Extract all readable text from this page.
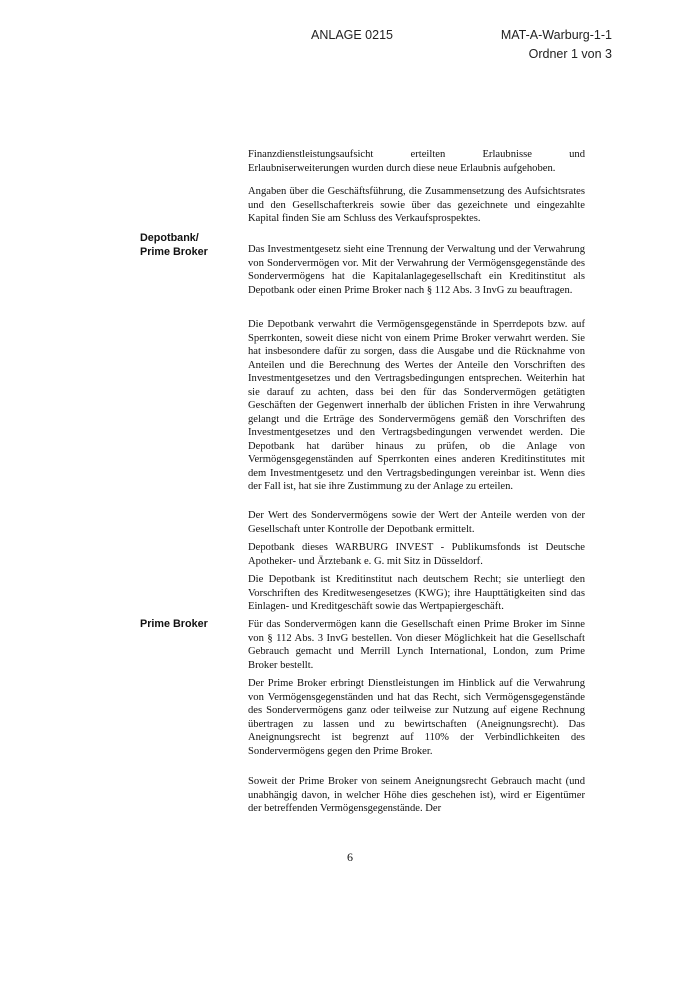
ANLAGE 0215	MAT-A-Warburg-1-1
Ordner 1 von 3
Depotbank/
Prime Broker
Prime Broker

Finanzdienstleistungsaufsicht erteilten Erlaubnisse und Erlaubniserweiterungen wurden durch diese neue Erlaubnis aufgehoben.

Angaben über die Geschäftsführung, die Zusammensetzung des Aufsichtsrates und den Gesellschafterkreis sowie über das gezeichnete und eingezahlte Kapital finden Sie am Schluss des Verkaufsprospektes.

Das Investmentgesetz sieht eine Trennung der Verwaltung und der Verwahrung von Sondervermögen vor. Mit der Verwahrung der Vermögensgegenstände des Sondervermögens hat die Kapitalanlagegesellschaft ein Kreditinstitut als Depotbank oder einen Prime Broker nach § 112 Abs. 3 InvG zu beauftragen.

Die Depotbank verwahrt die Vermögensgegenstände in Sperrdepots bzw. auf Sperrkonten, soweit diese nicht von einem Prime Broker verwahrt werden. Sie hat insbesondere dafür zu sorgen, dass die Ausgabe und die Rücknahme von Anteilen und die Berechnung des Wertes der Anteile den Vorschriften des Investmentgesetzes und den Vertragsbedingungen entsprechen. Weiterhin hat sie darauf zu achten, dass bei den für das Sondervermögen getätigten Geschäften der Gegenwert innerhalb der üblichen Fristen in ihre Verwahrung gelangt und die Erträge des Sondervermögens gemäß den Vorschriften des Investmentgesetzes und den Vertragsbedingungen verwendet werden. Die Depotbank hat darüber hinaus zu prüfen, ob die Anlage von Vermögensgegenständen auf Sperrkonten eines anderen Kreditinstitutes mit dem Investmentgesetz und den Vertragsbedingungen vereinbar ist. Wenn dies der Fall ist, hat sie ihre Zustimmung zu der Anlage zu erteilen.

Der Wert des Sondervermögens sowie der Wert der Anteile werden von der Gesellschaft unter Kontrolle der Depotbank ermittelt.

Depotbank dieses WARBURG INVEST - Publikumsfonds ist Deutsche Apotheker- und Ärztebank e. G. mit Sitz in Düsseldorf.

Die Depotbank ist Kreditinstitut nach deutschem Recht; sie unterliegt den Vorschriften des Kreditwesengesetzes (KWG); ihre Haupttätigkeiten sind das Einlagen- und Kreditgeschäft sowie das Wertpapiergeschäft.

Für das Sondervermögen kann die Gesellschaft einen Prime Broker im Sinne von § 112 Abs. 3 InvG bestellen. Von dieser Möglichkeit hat die Gesellschaft Gebrauch gemacht und Merrill Lynch International, London, zum Prime Broker bestellt.

Der Prime Broker erbringt Dienstleistungen im Hinblick auf die Verwahrung von Vermögensgegenständen und hat das Recht, sich Vermögensgegenstände des Sondervermögens ganz oder teilweise zur Nutzung auf eigene Rechnung übertragen zu lassen und zu bewirtschaften (Aneignungsrecht). Das Aneignungsrecht ist begrenzt auf 110% der Verbindlichkeiten des Sondervermögens gegen den Prime Broker.

Soweit der Prime Broker von seinem Aneignungsrecht Gebrauch macht (und unabhängig davon, in welcher Höhe dies geschehen ist), wird er Eigentümer der betreffenden Vermögensgegenstände. Der

6
